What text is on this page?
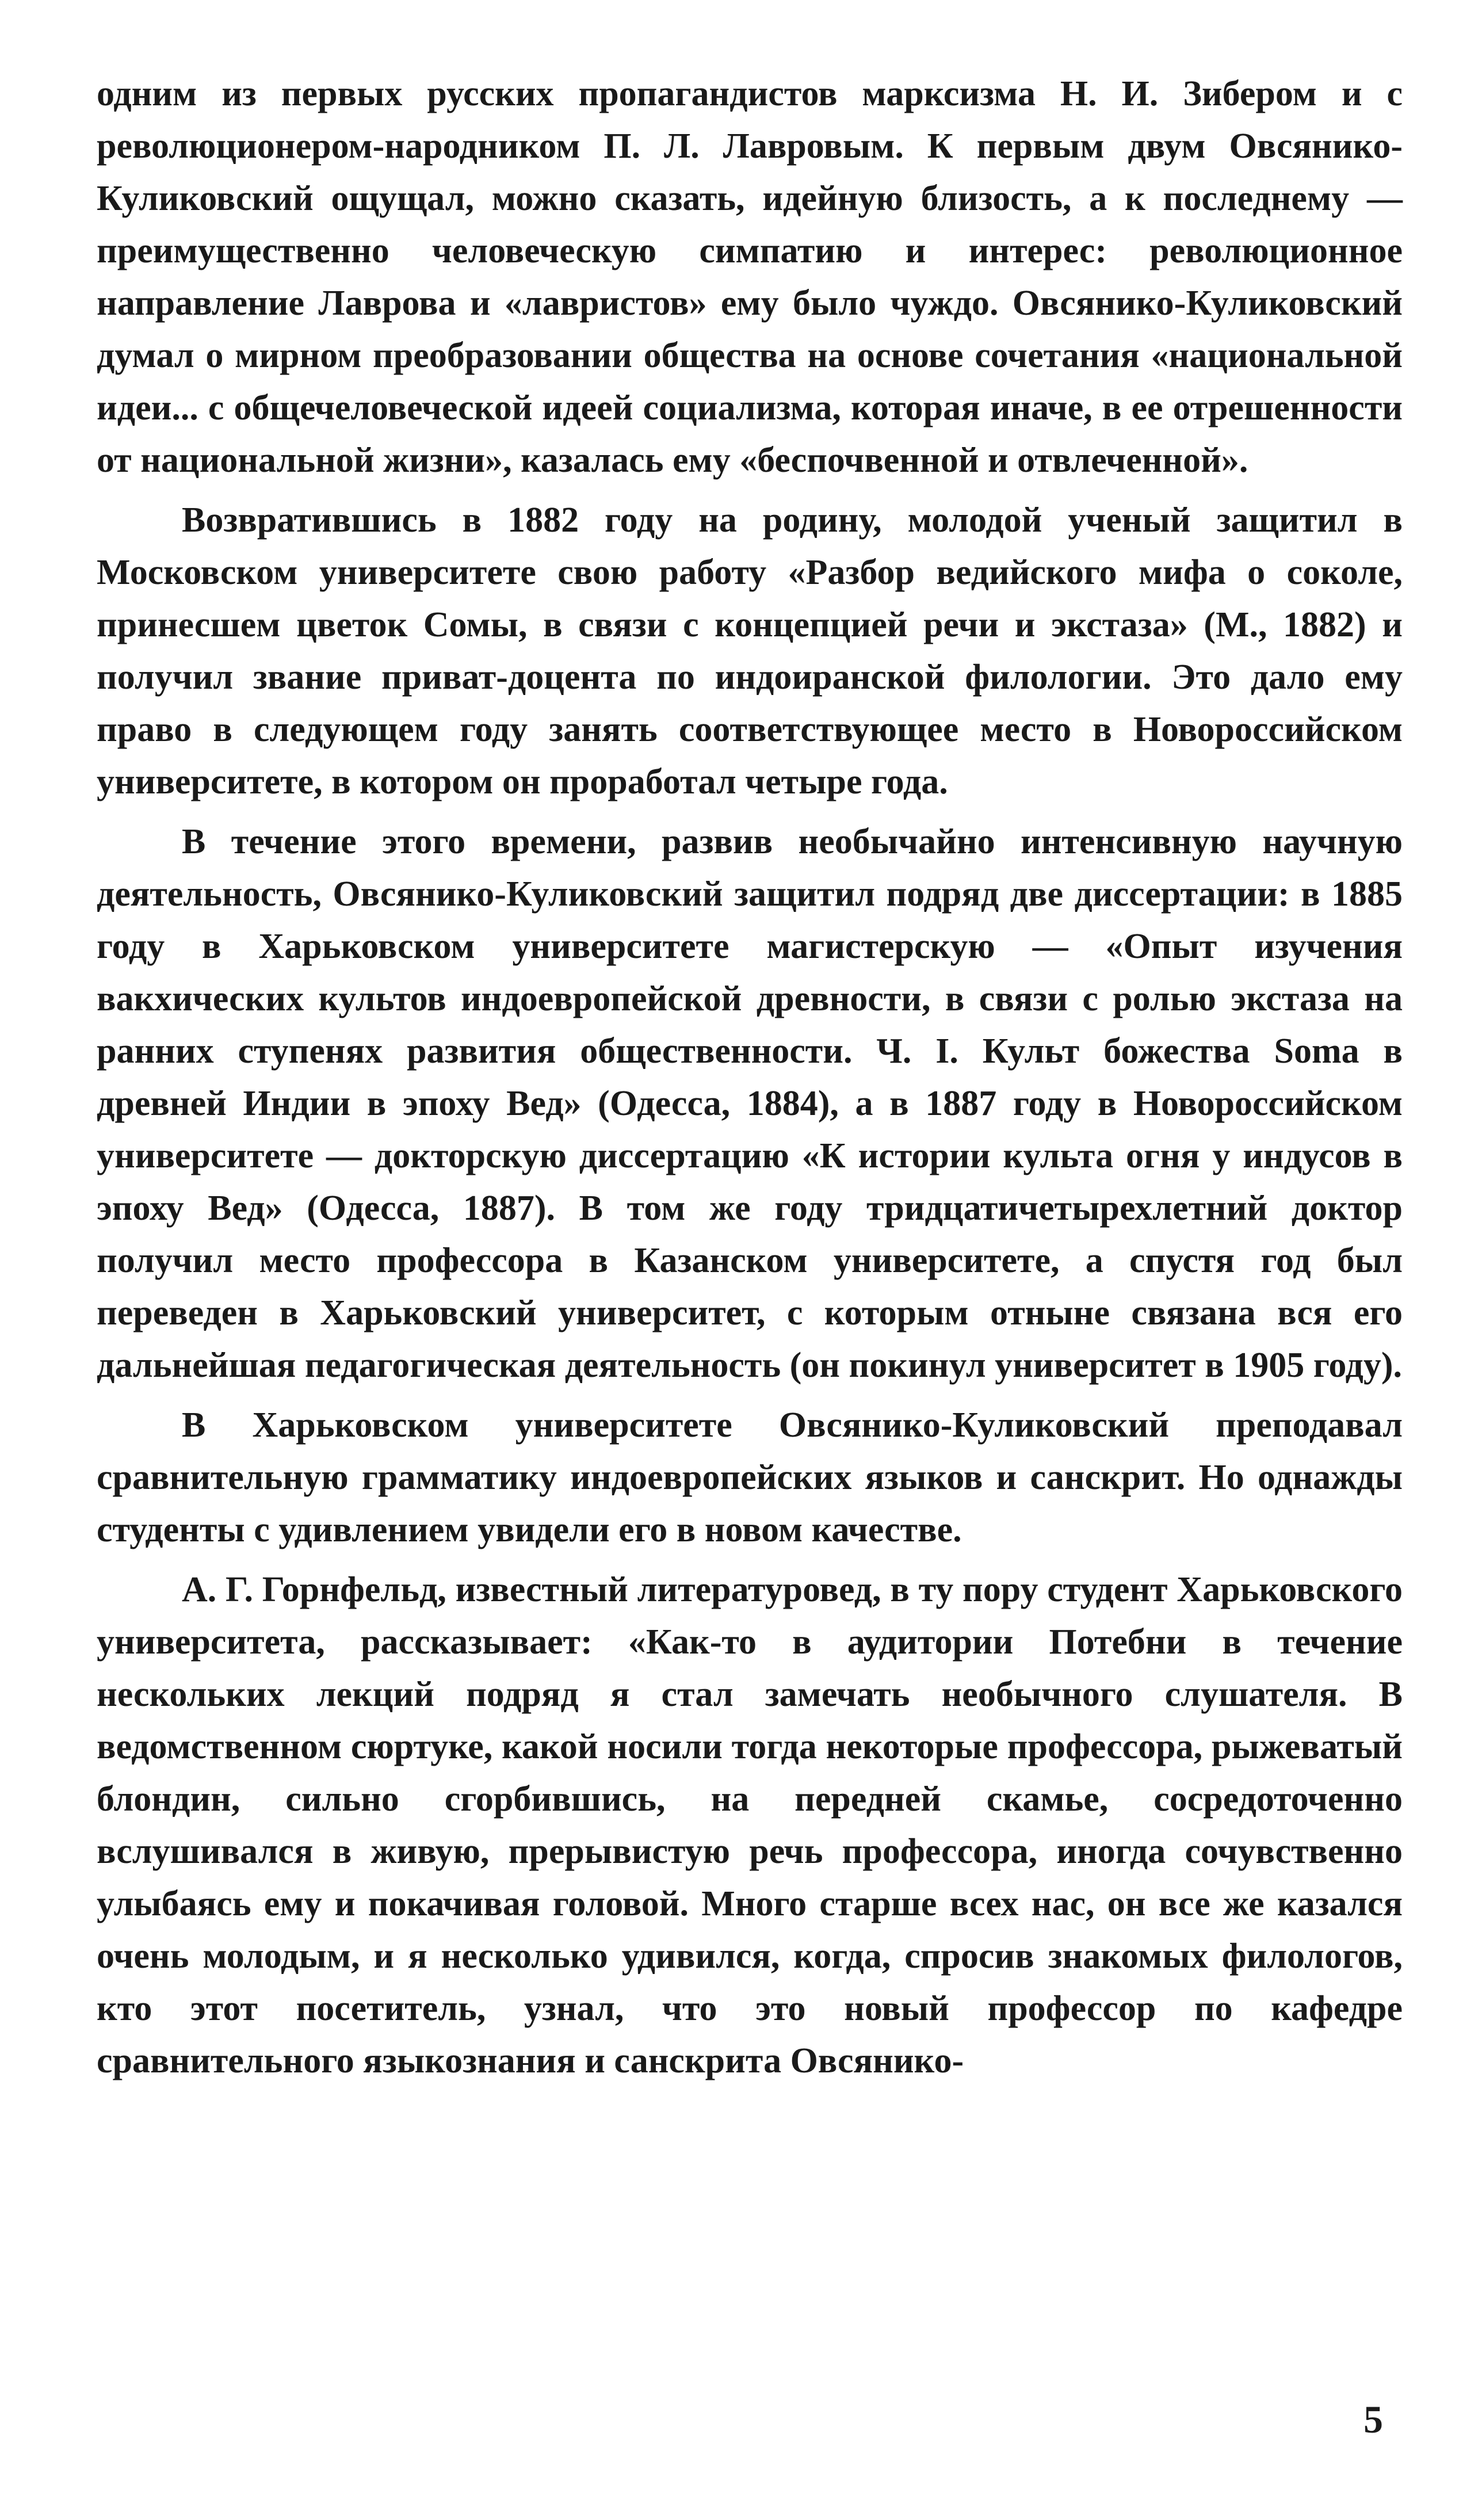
одним из первых русских пропагандистов марксизма Н. И. Зибером и с революционером-народником П. Л. Лавровым. К первым двум Овсянико-Куликовский ощущал, можно сказать, идейную близость, а к последнему — преимущественно человеческую симпатию и интерес: революционное направление Лаврова и «лавристов» ему было чуждо. Овсянико-Куликовский думал о мирном преобразовании общества на основе сочетания «национальной идеи... с общечеловеческой идеей социализма, которая иначе, в ее отрешенности от национальной жизни», казалась ему «беспочвенной и отвлеченной».

Возвратившись в 1882 году на родину, молодой ученый защитил в Московском университете свою работу «Разбор ведийского мифа о соколе, принесшем цветок Сомы, в связи с концепцией речи и экстаза» (М., 1882) и получил звание приват-доцента по индоиранской филологии. Это дало ему право в следующем году занять соответствующее место в Новороссийском университете, в котором он проработал четыре года.

В течение этого времени, развив необычайно интенсивную научную деятельность, Овсянико-Куликовский защитил подряд две диссертации: в 1885 году в Харьковском университете магистерскую — «Опыт изучения вакхических культов индоевропейской древности, в связи с ролью экстаза на ранних ступенях развития общественности. Ч. I. Культ божества Soma в древней Индии в эпоху Вед» (Одесса, 1884), а в 1887 году в Новороссийском университете — докторскую диссертацию «К истории культа огня у индусов в эпоху Вед» (Одесса, 1887). В том же году тридцатичетырехлетний доктор получил место профессора в Казанском университете, а спустя год был переведен в Харьковский университет, с которым отныне связана вся его дальнейшая педагогическая деятельность (он покинул университет в 1905 году).

В Харьковском университете Овсянико-Куликовский преподавал сравнительную грамматику индоевропейских языков и санскрит. Но однажды студенты с удивлением увидели его в новом качестве.

А. Г. Горнфельд, известный литературовед, в ту пору студент Харьковского университета, рассказывает: «Как-то в аудитории Потебни в течение нескольких лекций подряд я стал замечать необычного слушателя. В ведомственном сюртуке, какой носили тогда некоторые профессора, рыжеватый блондин, сильно сгорбившись, на передней скамье, сосредоточенно вслушивался в живую, прерывистую речь профессора, иногда сочувственно улыбаясь ему и покачивая головой. Много старше всех нас, он все же казался очень молодым, и я несколько удивился, когда, спросив знакомых филологов, кто этот посетитель, узнал, что это новый профессор по кафедре сравнительного языкознания и санскрита Овсянико-

5
